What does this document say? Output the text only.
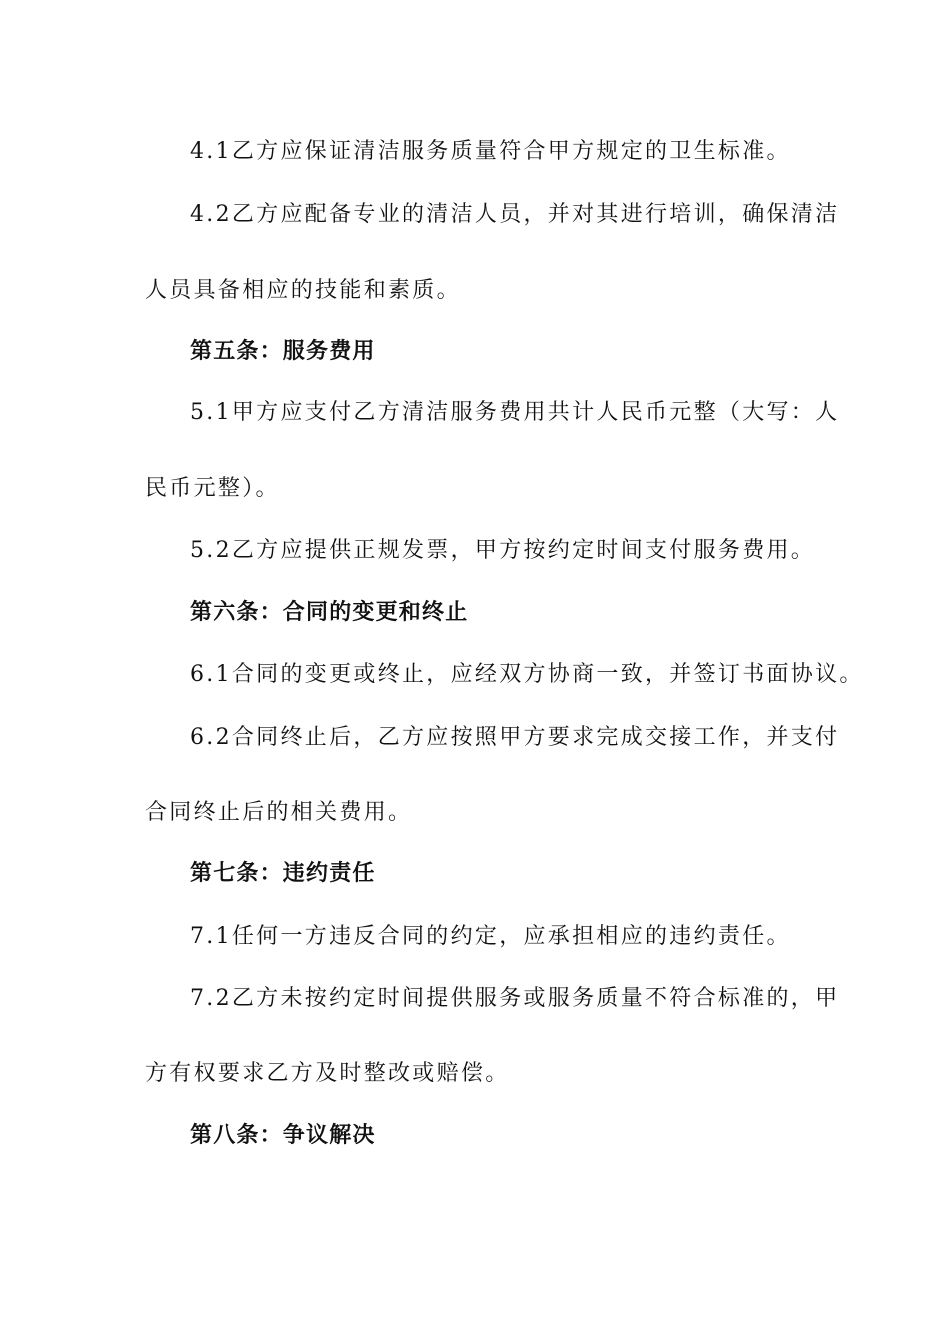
4.1乙方应保证清洁服务质量符合甲方规定的卫生标准。
4.2乙方应配备专业的清洁人员，并对其进行培训，确保清洁
人员具备相应的技能和素质。
第五条：服务费用
5.1甲方应支付乙方清洁服务费用共计人民币元整（大写：人
民币元整）。
5.2乙方应提供正规发票，甲方按约定时间支付服务费用。
第六条：合同的变更和终止
6.1合同的变更或终止，应经双方协商一致，并签订书面协议。
6.2合同终止后，乙方应按照甲方要求完成交接工作，并支付
合同终止后的相关费用。
第七条：违约责任
7.1任何一方违反合同的约定，应承担相应的违约责任。
7.2乙方未按约定时间提供服务或服务质量不符合标准的，甲
方有权要求乙方及时整改或赔偿。
第八条：争议解决
